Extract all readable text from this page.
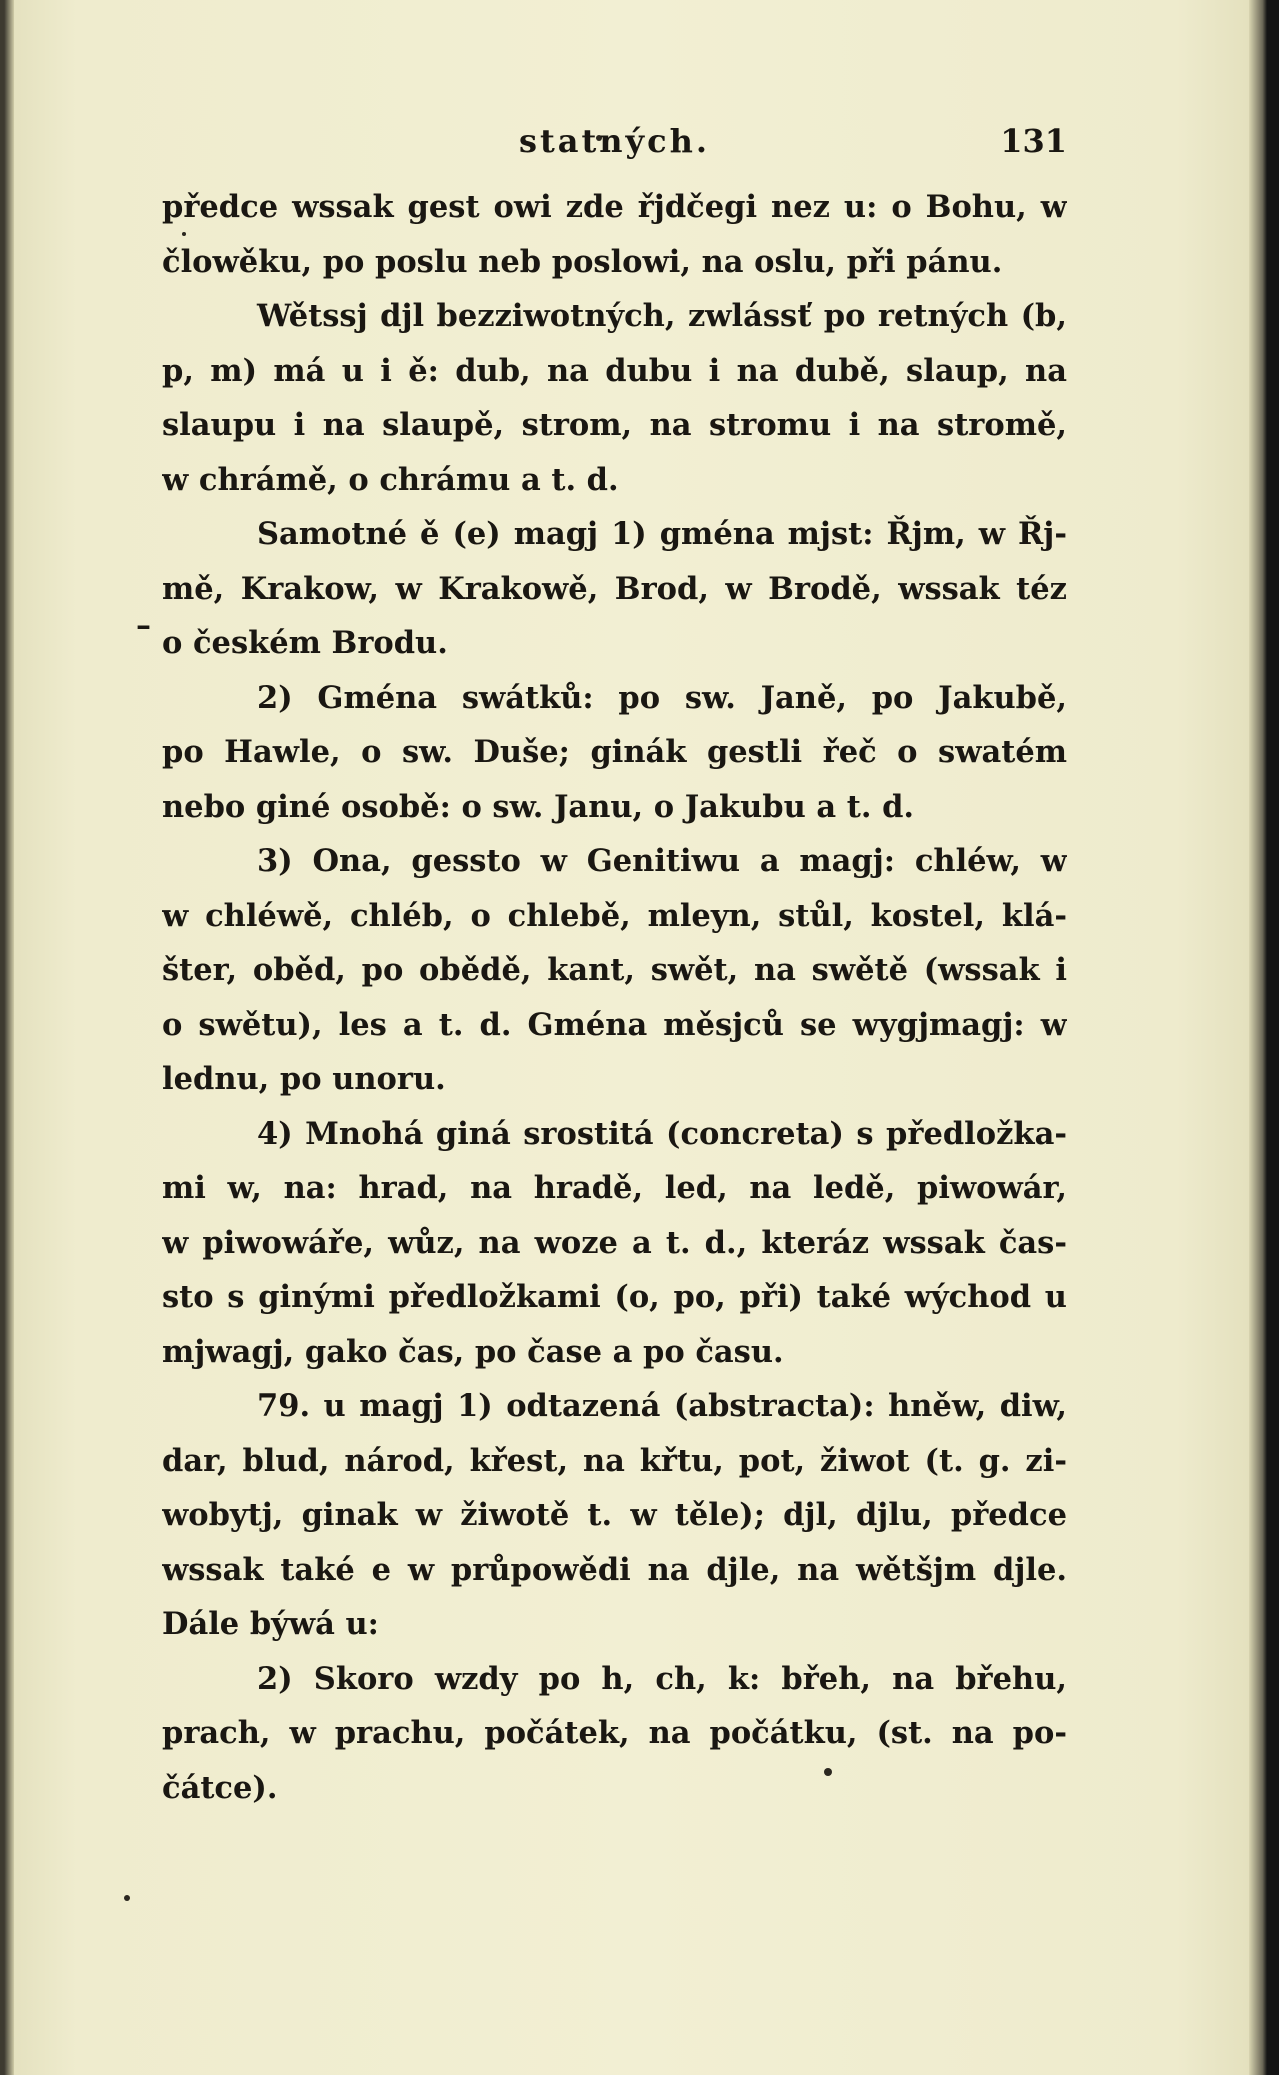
–
statných.	131
předce wssak gest owi zde řjdčegi nez u: o Bohu, w
člowěku, po poslu neb poslowi, na oslu, při pánu.
Wětssj djl bezziwotných, zwlássť po retných (b,
p, m) má u i ě: dub, na dubu i na dubě, slaup, na
slaupu i na slaupě, strom, na stromu i na stromě,
w chrámě, o chrámu a t. d.
Samotné ě (e) magj 1) gména mjst: Řjm, w Řj-
mě, Krakow, w Krakowě, Brod, w Brodě, wssak téz
o českém Brodu.
2) Gména swátků: po sw. Janě, po Jakubě,
po Hawle, o sw. Duše; ginák gestli řeč o swatém
nebo giné osobě: o sw. Janu, o Jakubu a t. d.
3) Ona, gessto w Genitiwu a magj: chléw, w
w chléwě, chléb, o chlebě, mleyn, stůl, kostel, klá-
šter, oběd, po obědě, kant, swět, na swětě (wssak i
o swětu), les a t. d. Gména měsjců se wygjmagj: w
lednu, po unoru.
4) Mnohá giná srostitá (concreta) s předložka-
mi w, na: hrad, na hradě, led, na ledě, piwowár,
w piwowáře, wůz, na woze a t. d., kteráz wssak čas-
sto s ginými předložkami (o, po, při) také wýchod u
mjwagj, gako čas, po čase a po času.
79. u magj 1) odtazená (abstracta): hněw, diw,
dar, blud, národ, křest, na křtu, pot, žiwot (t. g. zi-
wobytj, ginak w žiwotě t. w těle); djl, djlu, předce
wssak také e w průpowědi na djle, na wětšjm djle.
Dále býwá u:
2) Skoro wzdy po h, ch, k: břeh, na břehu,
prach, w prachu, počátek, na počátku, (st. na po-
čátce).
